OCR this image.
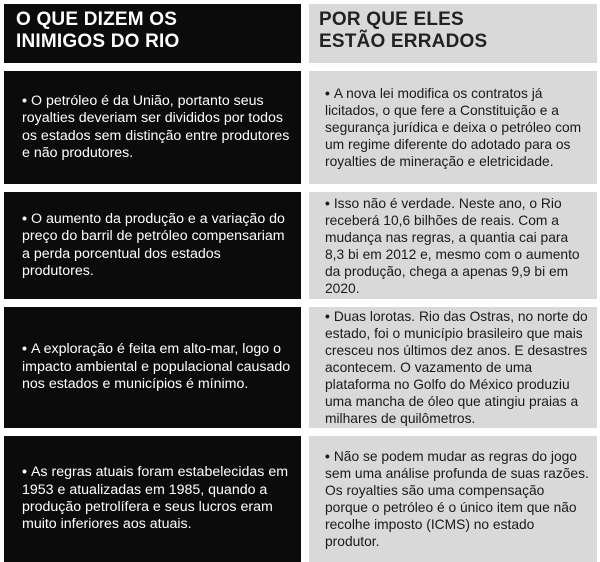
O QUE DIZEM OS
INIMIGOS DO RIO
POR QUE ELES
ESTÃO ERRADOS
• O petróleo é da União, portanto seus royalties deveriam ser divididos por todos os estados sem distinção entre produtores e não produtores.
• A nova lei modifica os contratos já licitados, o que fere a Constituição e a segurança jurídica e deixa o petróleo com um regime diferente do adotado para os royalties de mineração e eletricidade.
• O aumento da produção e a variação do preço do barril de petróleo compensariam a perda porcentual dos estados produtores.
• Isso não é verdade. Neste ano, o Rio receberá 10,6 bilhões de reais. Com a mudança nas regras, a quantia cai para 8,3 bi em 2012 e, mesmo com o aumento da produção, chega a apenas 9,9 bi em 2020.
• A exploração é feita em alto-mar, logo o impacto ambiental e populacional causado nos estados e municípios é mínimo.
• Duas lorotas. Rio das Ostras, no norte do estado, foi o município brasileiro que mais cresceu nos últimos dez anos. E desastres acontecem. O vazamento de uma plataforma no Golfo do México produziu uma mancha de óleo que atingiu praias a milhares de quilômetros.
• As regras atuais foram estabelecidas em 1953 e atualizadas em 1985, quando a produção petrolífera e seus lucros eram muito inferiores aos atuais.
• Não se podem mudar as regras do jogo sem uma análise profunda de suas razões. Os royalties são uma compensação porque o petróleo é o único item que não recolhe imposto (ICMS) no estado produtor.
